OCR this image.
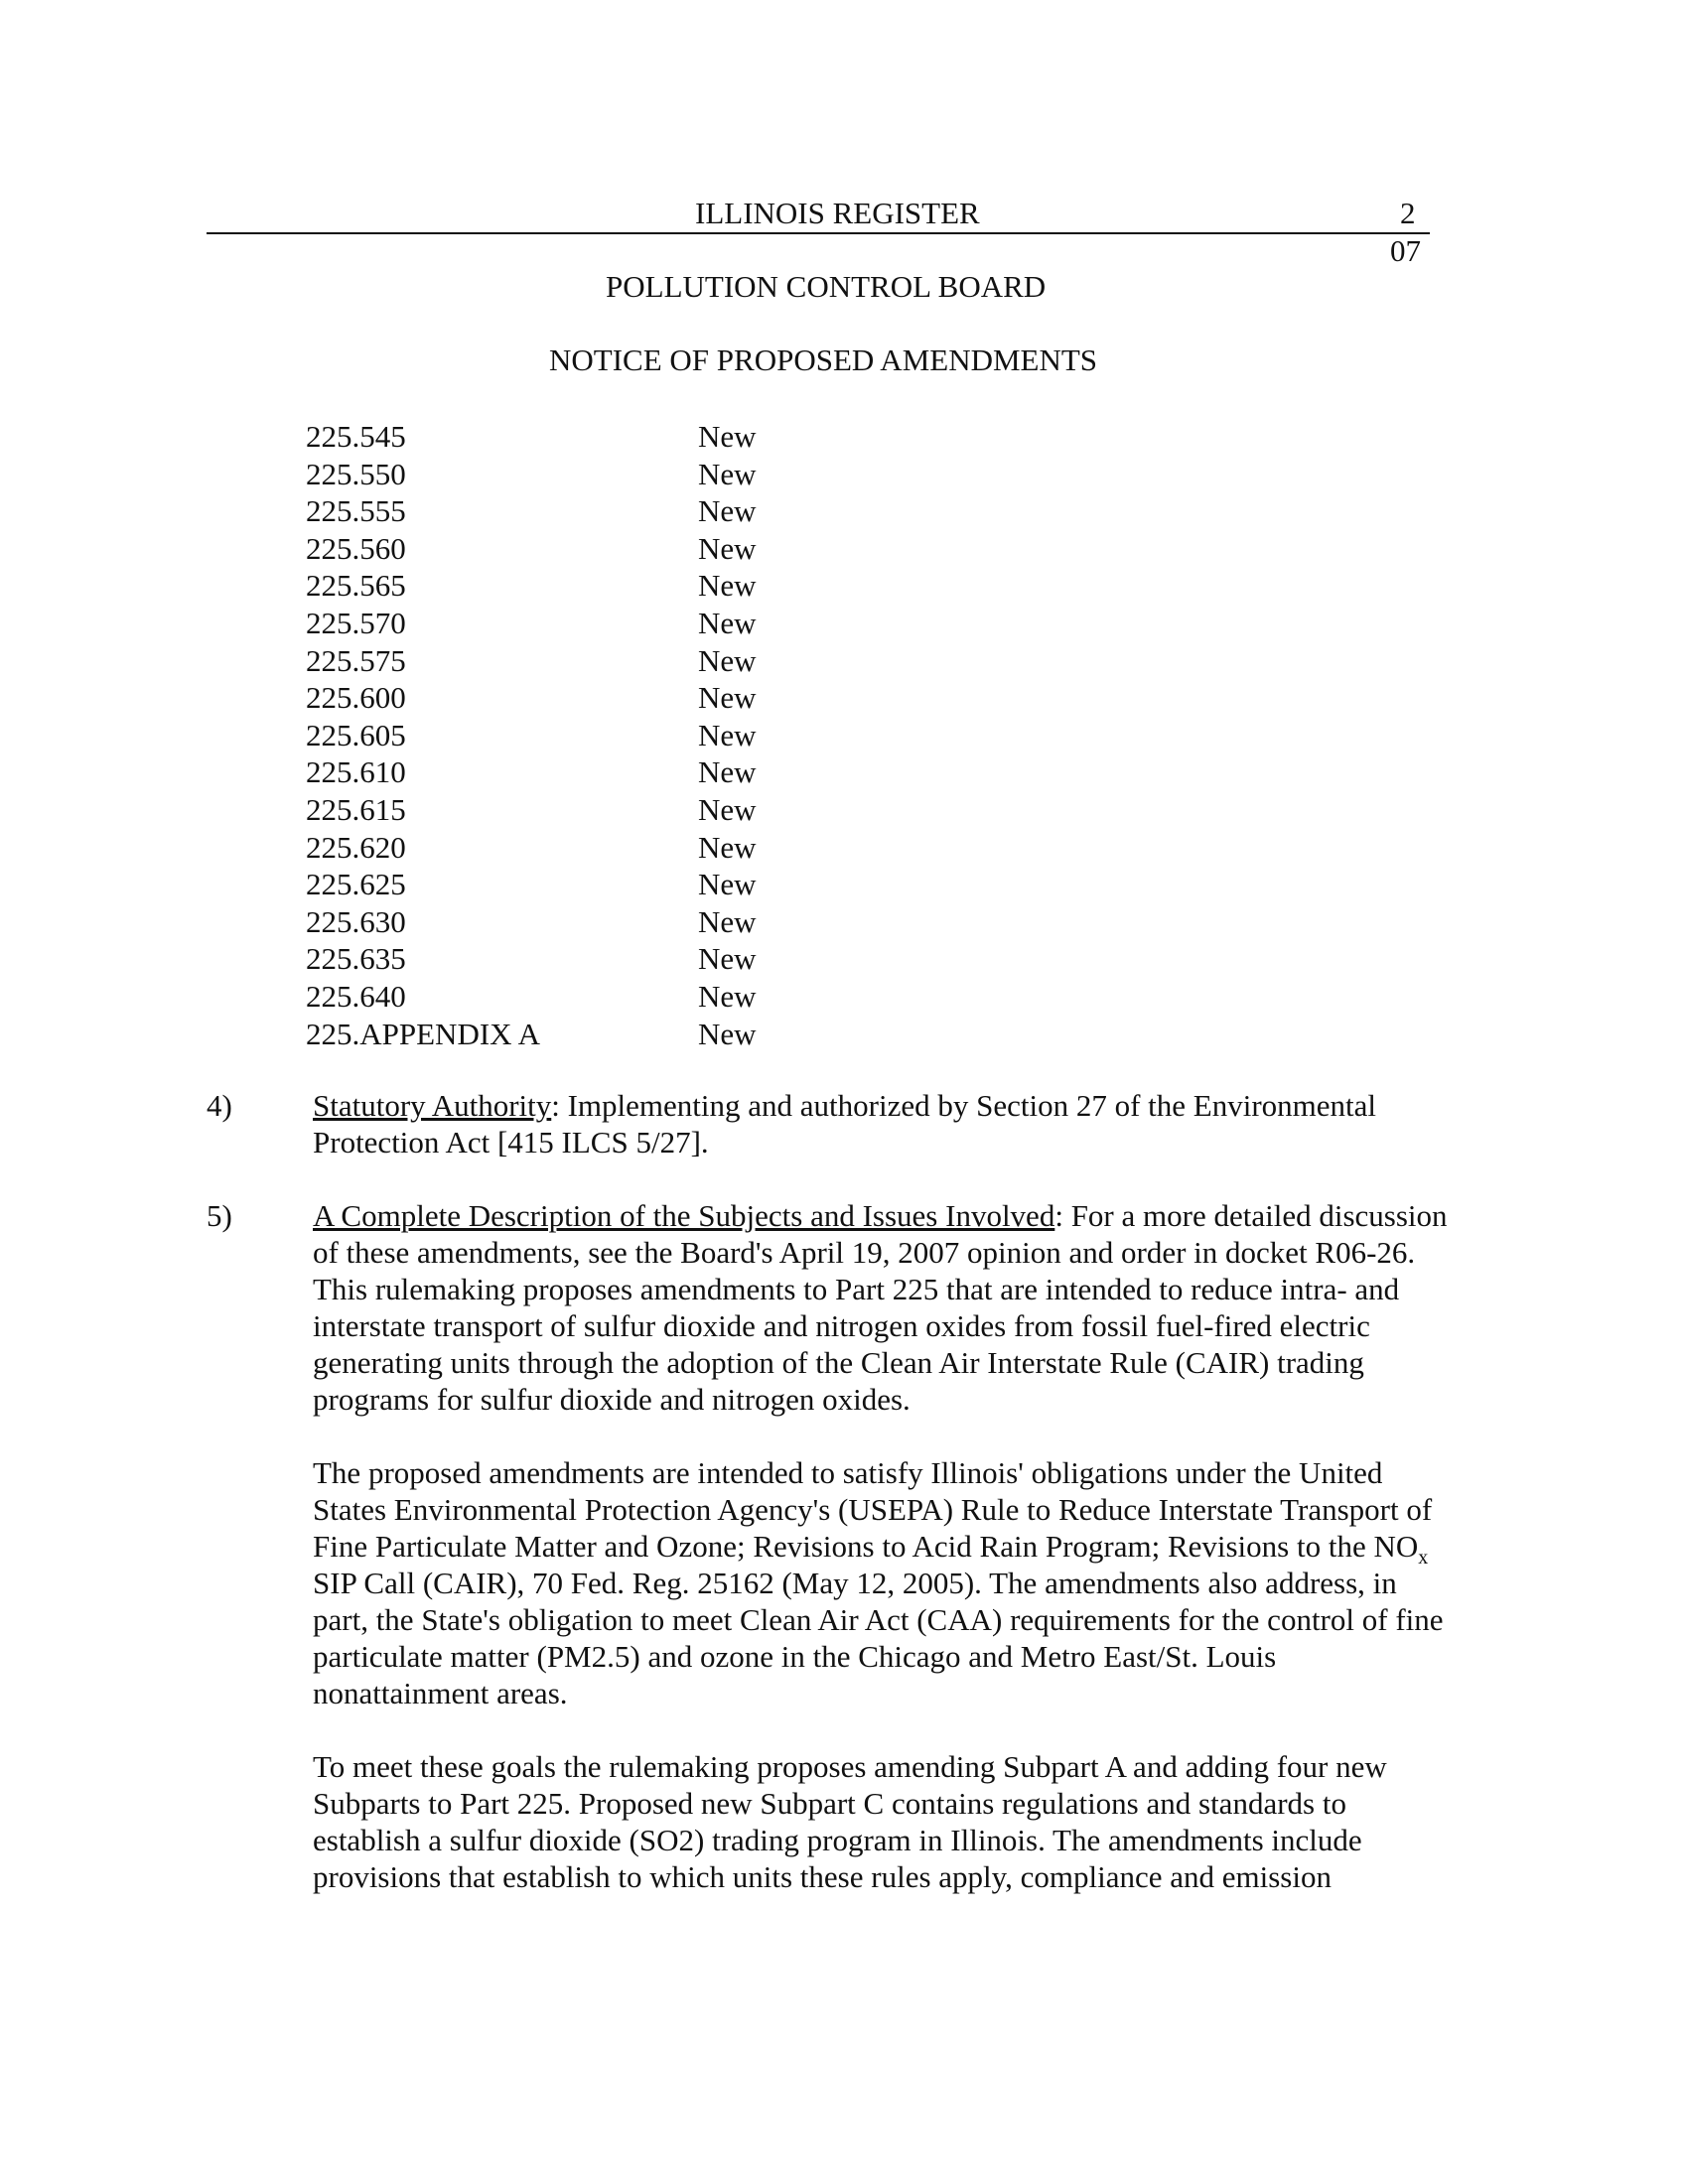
ILLINOIS REGISTER	2
07
POLLUTION CONTROL BOARD
NOTICE OF PROPOSED AMENDMENTS
225.545	New
225.550	New
225.555	New
225.560	New
225.565	New
225.570	New
225.575	New
225.600	New
225.605	New
225.610	New
225.615	New
225.620	New
225.625	New
225.630	New
225.635	New
225.640	New
225.APPENDIX A	New
4)	Statutory Authority: Implementing and authorized by Section 27 of the Environmental Protection Act [415 ILCS 5/27].

5)	A Complete Description of the Subjects and Issues Involved: For a more detailed discussion of these amendments, see the Board's April 19, 2007 opinion and order in docket R06-26. This rulemaking proposes amendments to Part 225 that are intended to reduce intra- and interstate transport of sulfur dioxide and nitrogen oxides from fossil fuel-fired electric generating units through the adoption of the Clean Air Interstate Rule (CAIR) trading programs for sulfur dioxide and nitrogen oxides.

The proposed amendments are intended to satisfy Illinois' obligations under the United States Environmental Protection Agency's (USEPA) Rule to Reduce Interstate Transport of Fine Particulate Matter and Ozone; Revisions to Acid Rain Program; Revisions to the $NO_x$ SIP Call (CAIR), 70 Fed. Reg. 25162 (May 12, 2005). The amendments also address, in part, the State's obligation to meet Clean Air Act (CAA) requirements for the control of fine particulate matter (PM2.5) and ozone in the Chicago and Metro East/St. Louis nonattainment areas.

To meet these goals the rulemaking proposes amending Subpart A and adding four new Subparts to Part 225. Proposed new Subpart C contains regulations and standards to establish a sulfur dioxide (SO2) trading program in Illinois. The amendments include provisions that establish to which units these rules apply, compliance and emission
